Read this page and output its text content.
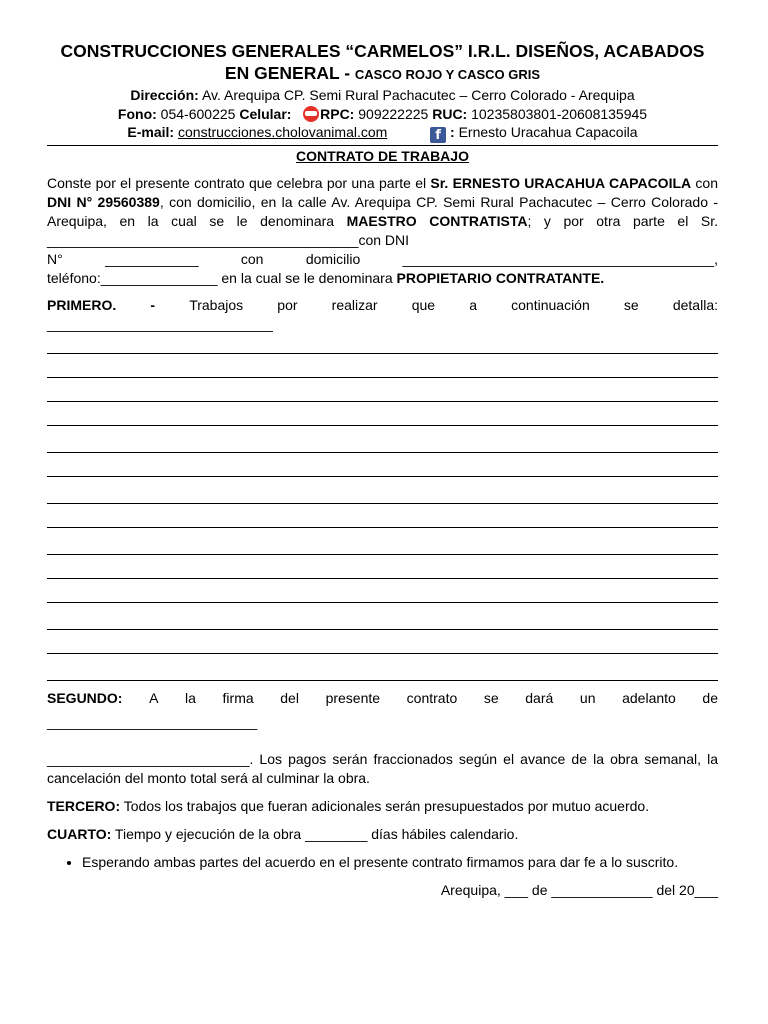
CONSTRUCCIONES GENERALES “CARMELOS” I.R.L. DISEÑOS, ACABADOS
EN GENERAL - CASCO ROJO Y CASCO GRIS
Dirección: Av. Arequipa CP. Semi Rural Pachacutec – Cerro Colorado - Arequipa
Fono: 054-600225 Celular: RPC: 909222225 RUC: 10235803801-20608135945
E-mail: construcciones.cholovanimal.com	f : Ernesto Uracahua Capacoila
CONTRATO DE TRABAJO

Conste por el presente contrato que celebra por una parte el Sr. ERNESTO URACAHUA CAPACOILA con DNI N° 29560389, con domicilio, en la calle Av. Arequipa CP. Semi Rural Pachacutec – Cerro Colorado - Arequipa, en la cual se le denominara MAESTRO CONTRATISTA; y por otra parte el Sr. ________________________________________con DNI

N°	____________	con	domicilio	________________________________________,

teléfono:_______________ en la cual se le denominara PROPIETARIO CONTRATANTE.

PRIMERO. - Trabajos por realizar que a continuación se detalla:

_____________________________

SEGUNDO: A la firma del presente contrato se dará un adelanto de

___________________________

__________________________. Los pagos serán fraccionados según el avance de la obra semanal, la cancelación del monto total será al culminar la obra.

TERCERO: Todos los trabajos que fueran adicionales serán presupuestados por mutuo acuerdo.

CUARTO: Tiempo y ejecución de la obra ________ días hábiles calendario.

• Esperando ambas partes del acuerdo en el presente contrato firmamos para dar fe a lo suscrito.

Arequipa, ___ de _____________ del 20___
